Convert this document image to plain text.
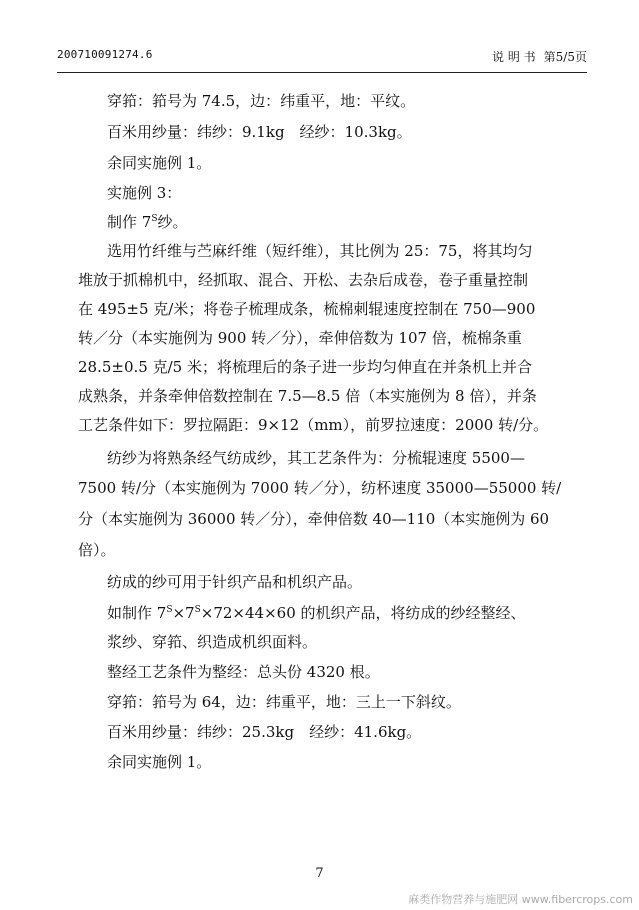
200710091274.6	说 明 书 第5/5页
穿筘：筘号为 74.5，边：纬重平，地：平纹。
百米用纱量：纬纱：9.1kg　经纱：10.3kg。
余同实施例 1。
实施例 3：
制作 $7^S$纱。
选用竹纤维与苎麻纤维（短纤维），其比例为 25：75，将其均匀
堆放于抓棉机中，经抓取、混合、开松、去杂后成卷，卷子重量控制
在 495±5 克/米；将卷子梳理成条，梳棉刺辊速度控制在 750—900
转／分（本实施例为 900 转／分），牵伸倍数为 107 倍，梳棉条重
28.5±0.5 克/5 米；将梳理后的条子进一步均匀伸直在并条机上并合
成熟条，并条牵伸倍数控制在 7.5—8.5 倍（本实施例为 8 倍），并条
工艺条件如下：罗拉隔距：9×12（mm），前罗拉速度：2000 转/分。
纺纱为将熟条经气纺成纱，其工艺条件为：分梳辊速度 5500—
7500 转/分（本实施例为 7000 转／分），纺杯速度 35000—55000 转/
分（本实施例为 36000 转／分），牵伸倍数 40—110（本实施例为 60
倍）。
纺成的纱可用于针织产品和机织产品。
如制作 $7^S\times 7^S\times 72\times 44\times 60$ 的机织产品，将纺成的纱经整经、
浆纱、穿筘、织造成机织面料。
整经工艺条件为整经：总头份 4320 根。
穿筘：筘号为 64，边：纬重平，地：三上一下斜纹。
百米用纱量：纬纱：25.3kg　经纱：41.6kg。
余同实施例 1。
7
麻类作物营养与施肥网 www.fibercrops.com
